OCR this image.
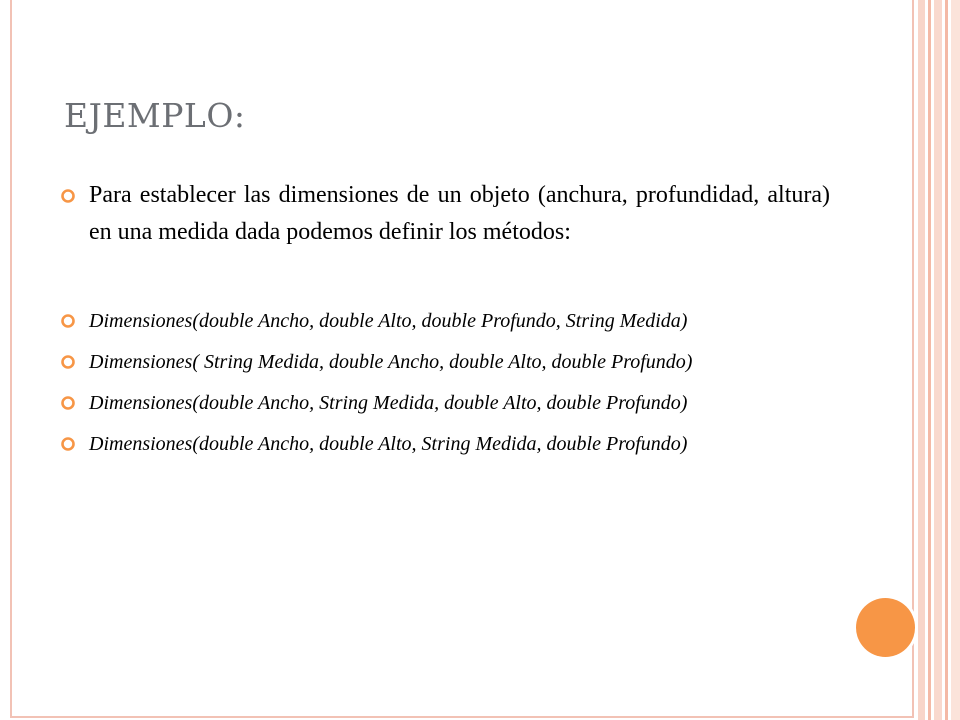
EJEMPLO:
Para establecer las dimensiones de un objeto (anchura, profundidad, altura) en una medida dada podemos definir los métodos:
Dimensiones(double Ancho, double Alto, double Profundo, String Medida)
Dimensiones( String Medida, double Ancho, double Alto, double Profundo)
Dimensiones(double Ancho, String Medida, double Alto, double Profundo)
Dimensiones(double Ancho, double Alto, String Medida, double Profundo)
